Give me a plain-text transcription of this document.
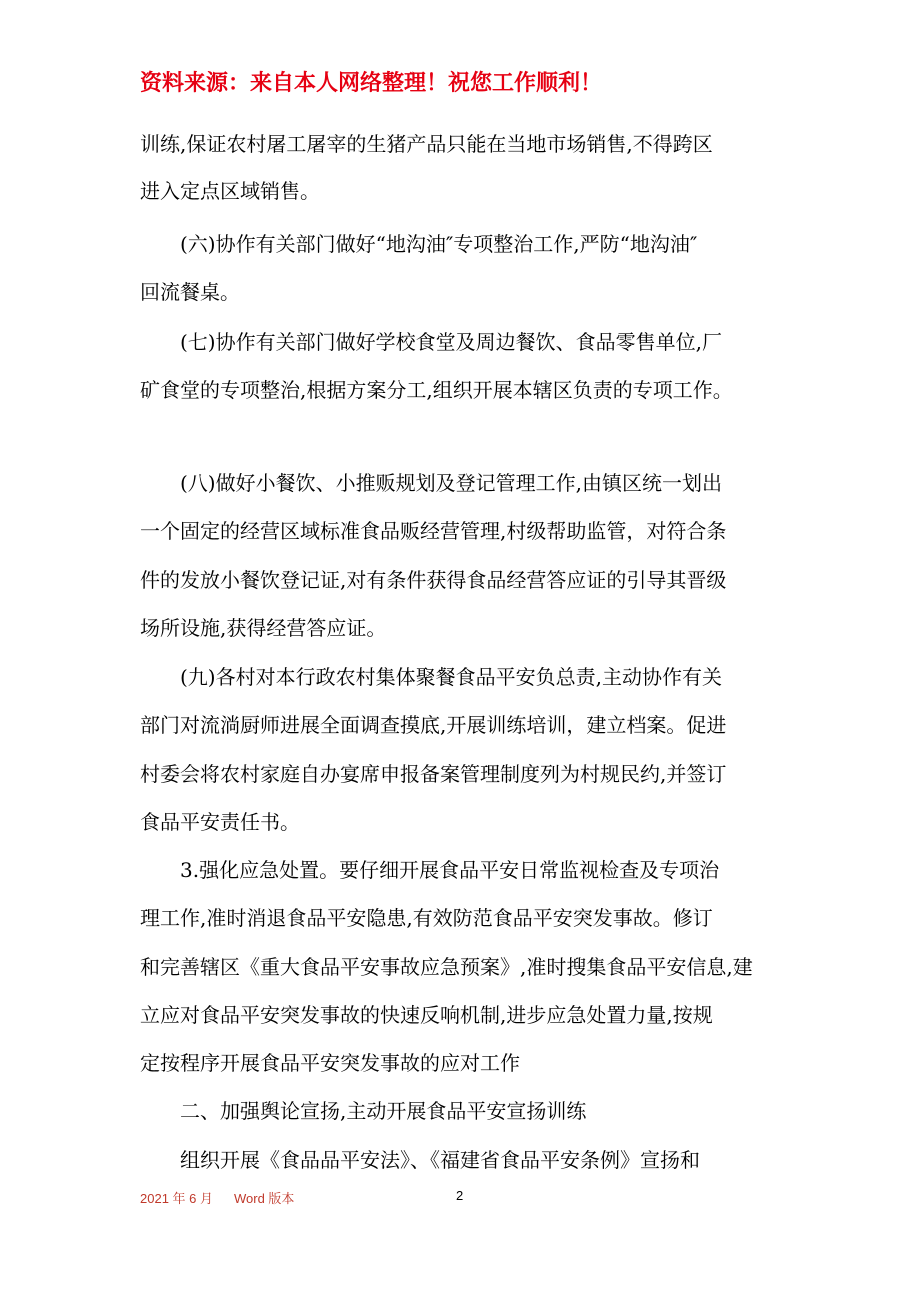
资料来源：来自本人网络整理！祝您工作顺利！
训练,保证农村屠工屠宰的生猪产品只能在当地市场销售,不得跨区
进入定点区域销售。
(六)协作有关部门做好“地沟油″专项整治工作,严防“地沟油″
回流餐桌。
(七)协作有关部门做好学校食堂及周边餐饮、食品零售单位,厂
矿食堂的专项整治,根据方案分工,组织开展本辖区负责的专项工作。
(八)做好小餐饮、小推贩规划及登记管理工作,由镇区统一划出
一个固定的经营区域标准食品贩经营管理,村级帮助监管，对符合条
件的发放小餐饮登记证,对有条件获得食品经营答应证的引导其晋级
场所设施,获得经营答应证。
(九)各村对本行政农村集体聚餐食品平安负总责,主动协作有关
部门对流淌厨师进展全面调查摸底,开展训练培训，建立档案。促进
村委会将农村家庭自办宴席申报备案管理制度列为村规民约,并签订
食品平安责任书。
3.强化应急处置。要仔细开展食品平安日常监视检查及专项治
理工作,准时消退食品平安隐患,有效防范食品平安突发事故。修订
和完善辖区《重大食品平安事故应急预案》,准时搜集食品平安信息,建
立应对食品平安突发事故的快速反响机制,进步应急处置力量,按规
定按程序开展食品平安突发事故的应对工作
二、加强舆论宣扬,主动开展食品平安宣扬训练
组织开展《食品品平安法》、《福建省食品平安条例》宣扬和
2021 年 6 月 Word 版本	2
